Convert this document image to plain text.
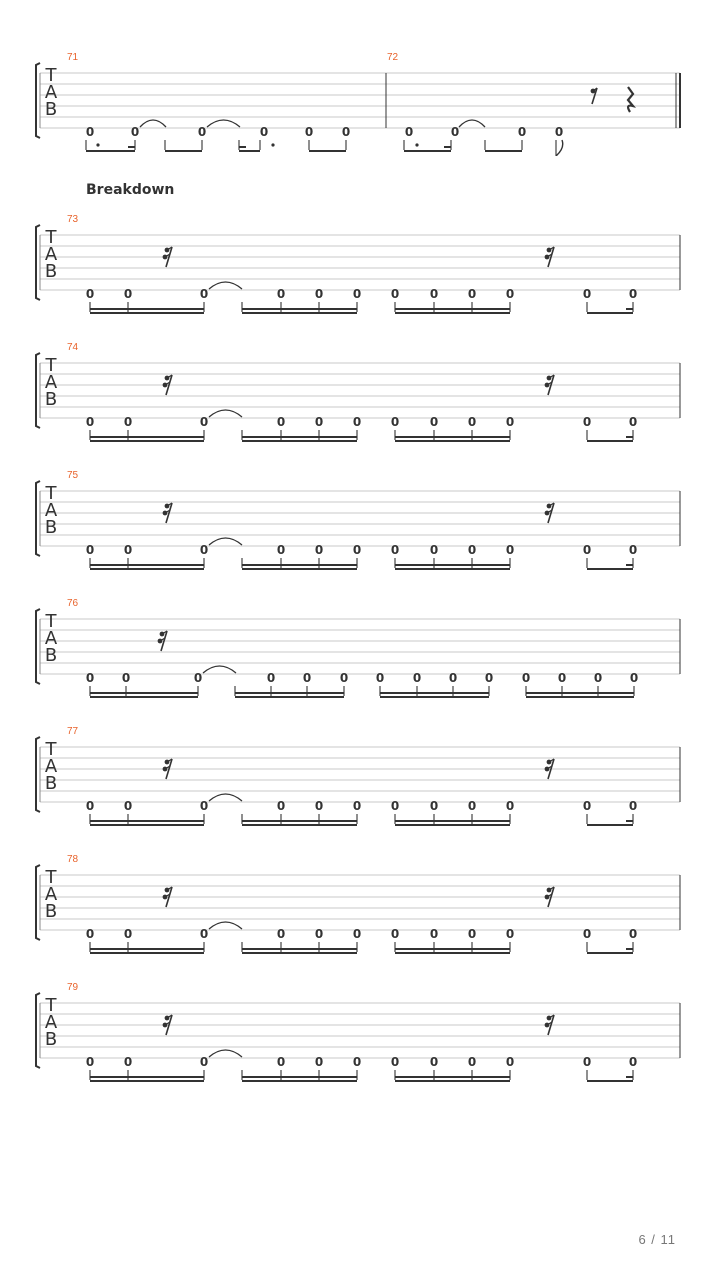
T
A
B
0	0	0	0	0 0	0	0	0 0
71	72
T
A
B
0 0	0	0 0 0 0	0 0 0	0	0
73
T
A
B
0 0	0	0 0 0 0	0 0 0	0	0
74
T
A
B
0 0	0	0 0 0 0	0 0 0	0	0
75
T
A
B
0 0	0	0 0 0 0 0 0 0 0 0 0 0
76
T
A
B
0 0	0	0 0 0 0	0 0 0	0	0
77
T
A
B
0 0	0	0 0 0 0	0 0 0	0	0
78
T
A
B
0 0	0	0 0 0 0	0 0 0	0	0
79
Breakdown
6 / 11
